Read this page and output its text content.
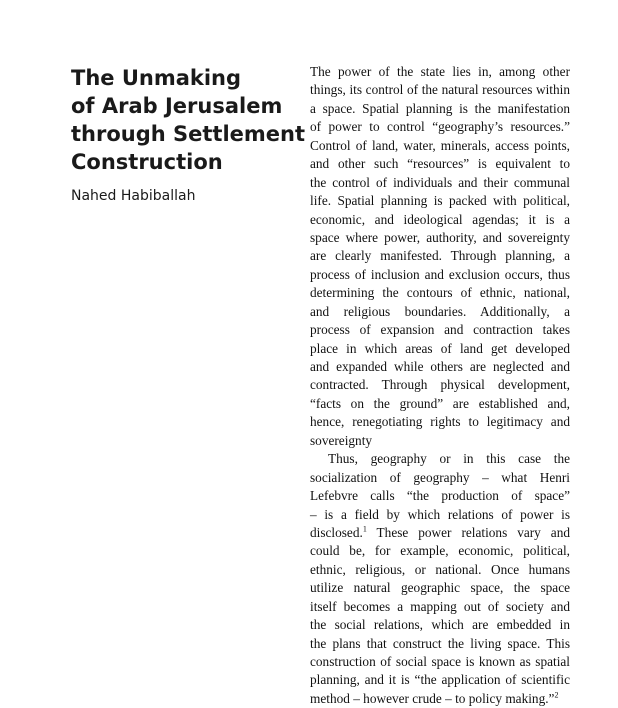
The Unmaking
of Arab Jerusalem
through Settlement
Construction
Nahed Habiballah
The power of the state lies in, among other
things, its control of the natural resources within
a space. Spatial planning is the manifestation
of power to control “geography’s resources.”
Control of land, water, minerals, access points,
and other such “resources” is equivalent to
the control of individuals and their communal
life. Spatial planning is packed with political,
economic, and ideological agendas; it is a
space where power, authority, and sovereignty
are clearly manifested. Through planning, a
process of inclusion and exclusion occurs, thus
determining the contours of ethnic, national,
and religious boundaries. Additionally, a
process of expansion and contraction takes
place in which areas of land get developed
and expanded while others are neglected and
contracted. Through physical development,
“facts on the ground” are established and,
hence, renegotiating rights to legitimacy and
sovereignty
Thus, geography or in this case the
socialization of geography – what Henri
Lefebvre calls “the production of space”
– is a field by which relations of power is
disclosed.$^1$ These power relations vary and
could be, for example, economic, political,
ethnic, religious, or national. Once humans
utilize natural geographic space, the space
itself becomes a mapping out of society and
the social relations, which are embedded in
the plans that construct the living space. This
construction of social space is known as spatial
planning, and it is “the application of scientific
method – however crude – to policy making.”$^2$
